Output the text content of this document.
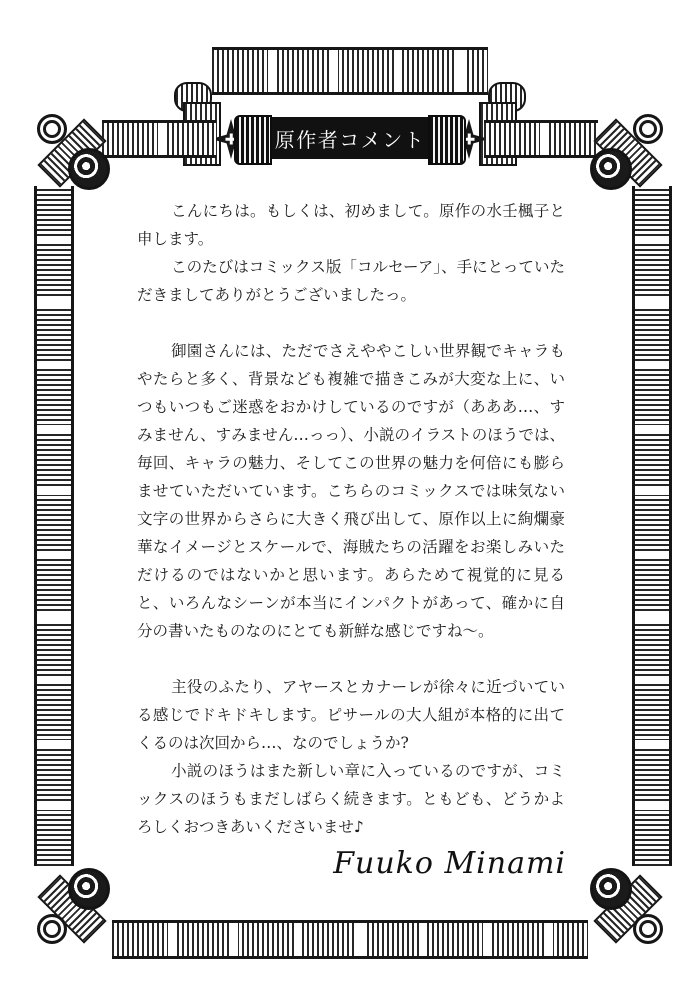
原作者コメント

こんにちは。もしくは、初めまして。原作の水壬楓子と申します。

このたびはコミックス版「コルセーア」、手にとっていただきましてありがとうございましたっ。

御園さんには、ただでさえややこしい世界観でキャラもやたらと多く、背景なども複雑で描きこみが大変な上に、いつもいつもご迷惑をおかけしているのですが（あああ…、すみません、すみません…っっ）、小説のイラストのほうでは、毎回、キャラの魅力、そしてこの世界の魅力を何倍にも膨らませていただいています。こちらのコミックスでは味気ない文字の世界からさらに大きく飛び出して、原作以上に絢爛豪華なイメージとスケールで、海賊たちの活躍をお楽しみいただけるのではないかと思います。あらためて視覚的に見ると、いろんなシーンが本当にインパクトがあって、確かに自分の書いたものなのにとても新鮮な感じですね～。

主役のふたり、アヤースとカナーレが徐々に近づいている感じでドキドキします。ピサールの大人組が本格的に出てくるのは次回から…、なのでしょうか?

小説のほうはまた新しい章に入っているのですが、コミックスのほうもまだしばらく続きます。ともども、どうかよろしくおつきあいくださいませ♪

Fuuko Minami
